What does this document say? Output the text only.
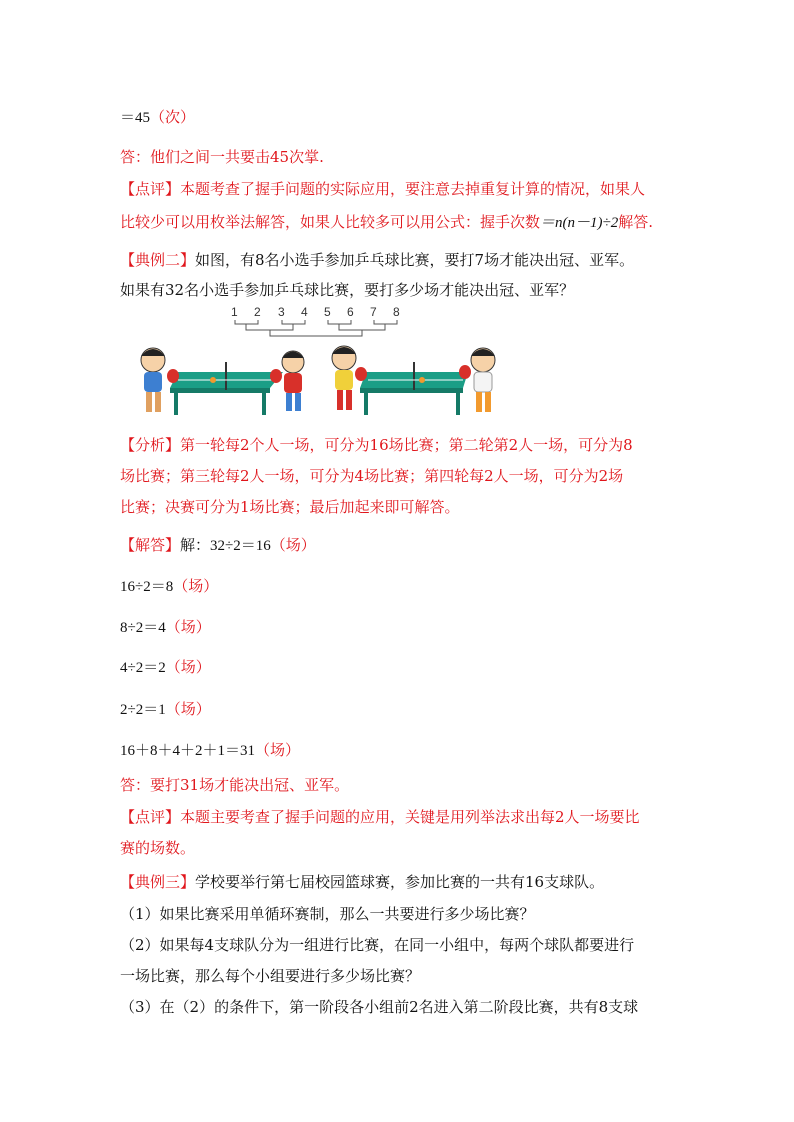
＝45（次）
答：他们之间一共要击45次掌.
【点评】本题考查了握手问题的实际应用，要注意去掉重复计算的情况，如果人
比较少可以用枚举法解答，如果人比较多可以用公式：握手次数＝n(n－1)÷2解答.
【典例二】如图，有8名小选手参加乒乓球比赛，要打7场才能决出冠、亚军。
如果有32名小选手参加乒乓球比赛，要打多少场才能决出冠、亚军？
1 2 3 4 5 6 7 8
【分析】第一轮每2个人一场，可分为16场比赛；第二轮第2人一场，可分为8
场比赛；第三轮每2人一场，可分为4场比赛；第四轮每2人一场，可分为2场
比赛；决赛可分为1场比赛；最后加起来即可解答。
【解答】解：32÷2＝16（场）
16÷2＝8（场）
8÷2＝4（场）
4÷2＝2（场）
2÷2＝1（场）
16＋8＋4＋2＋1＝31（场）
答：要打31场才能决出冠、亚军。
【点评】本题主要考查了握手问题的应用，关键是用列举法求出每2人一场要比
赛的场数。
【典例三】学校要举行第七届校园篮球赛，参加比赛的一共有16支球队。
（1）如果比赛采用单循环赛制，那么一共要进行多少场比赛？
（2）如果每4支球队分为一组进行比赛，在同一小组中，每两个球队都要进行
一场比赛，那么每个小组要进行多少场比赛？
（3）在（2）的条件下，第一阶段各小组前2名进入第二阶段比赛，共有8支球
